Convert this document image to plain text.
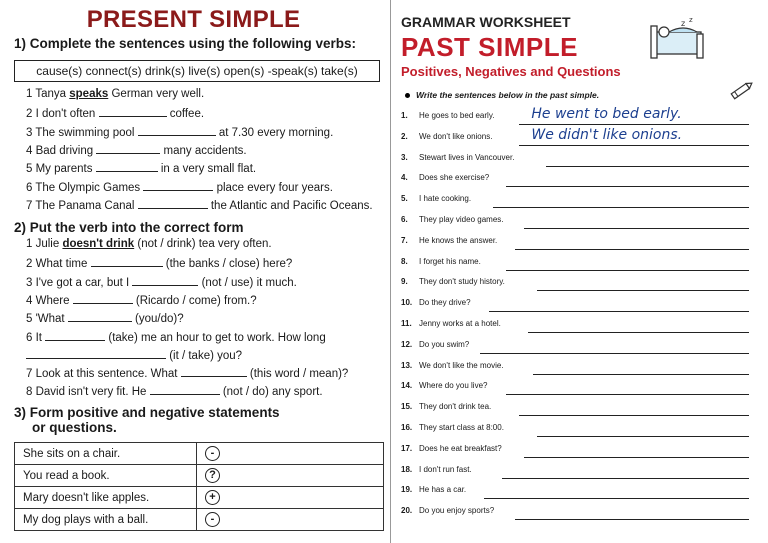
PRESENT SIMPLE
1) Complete the sentences using the following verbs:
cause(s) connect(s) drink(s) live(s) open(s) -speak(s) take(s)
1 Tanya speaks German very well.
2 I don't often	coffee.
3 The swimming pool	at 7.30 every morning.
4 Bad driving	many accidents.
5 My parents	in a very small flat.
6 The Olympic Games	place every four years.
7 The Panama Canal	the Atlantic and Pacific Oceans.
2) Put the verb into the correct form
1 Julie doesn't drink (not / drink) tea very often.
2 What time	(the banks / close) here?
3 I've got a car, but I	(not / use) it much.
4 Where	(Ricardo / come) from.?
5 'What	(you/do)?
6 It	(take) me an hour to get to work. How long
(it / take) you?
7 Look at this sentence. What	(this word / mean)?
8 David isn't very fit. He	(not / do) any sport.
3) Form positive and negative statements
or questions.
She sits on a chair.	-
You read a book.	?
Mary doesn't like apples.	+
My dog plays with a ball.	-
GRAMMAR WORKSHEET
PAST SIMPLE
Positives, Negatives and Questions
z z
Write the sentences below in the past simple.
1. He goes to bed early.	He went to bed early.
2. We don't like onions.	We didn't like onions.
3. Stewart lives in Vancouver.
4. Does she exercise?
5. I hate cooking.
6. They play video games.
7. He knows the answer.
8. I forget his name.
9. They don't study history.
10. Do they drive?
11. Jenny works at a hotel.
12. Do you swim?
13. We don't like the movie.
14. Where do you live?
15. They don't drink tea.
16. They start class at 8:00.
17. Does he eat breakfast?
18. I don't run fast.
19. He has a car.
20. Do you enjoy sports?
